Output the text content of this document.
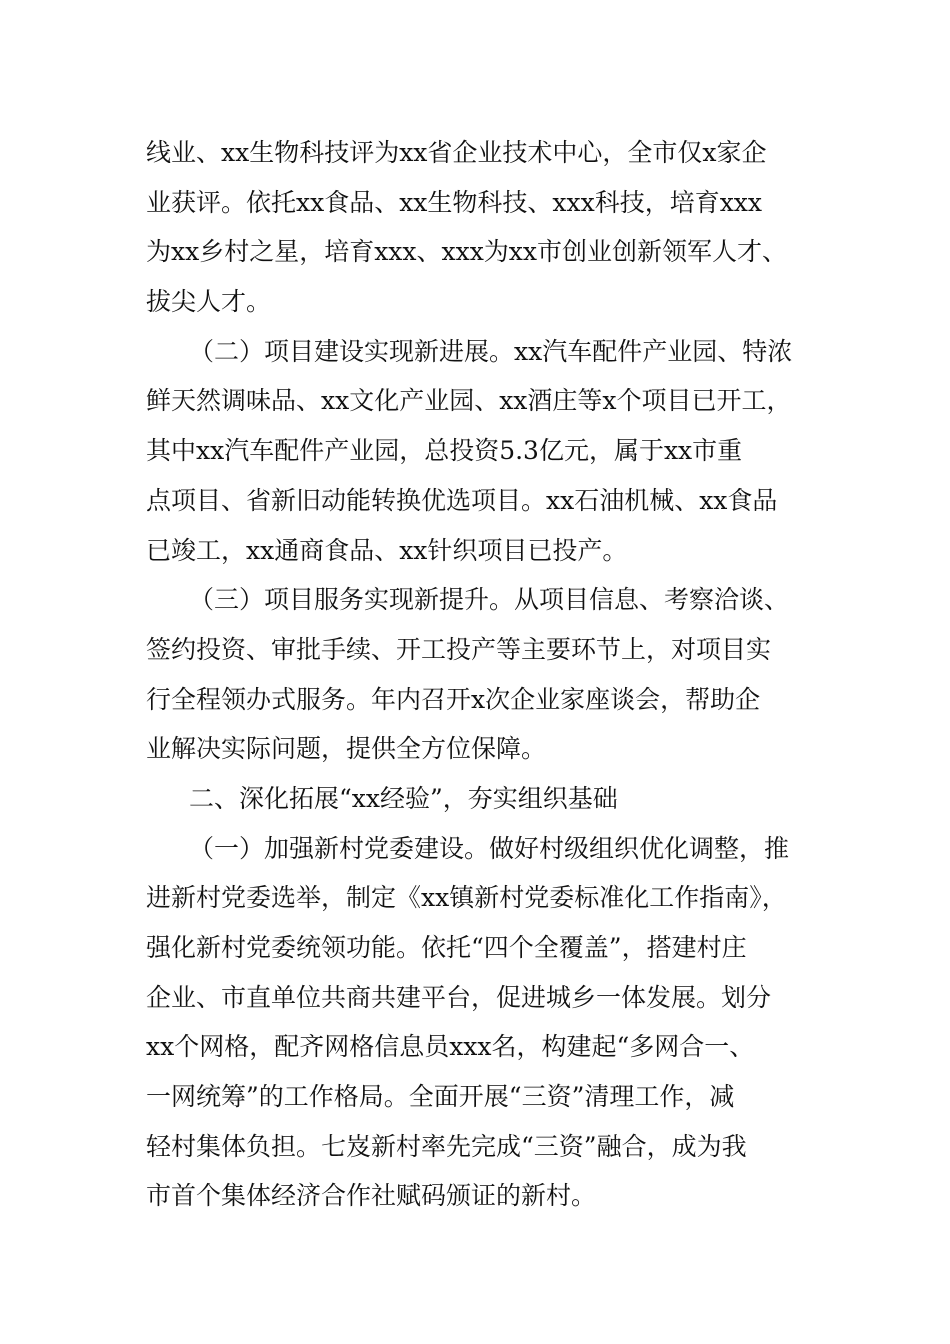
线业、xx生物科技评为xx省企业技术中心，全市仅x家企
业获评。依托xx食品、xx生物科技、xxx科技，培育xxx
为xx乡村之星，培育xxx、xxx为xx市创业创新领军人才、
拔尖人才。
（二）项目建设实现新进展。xx汽车配件产业园、特浓
鲜天然调味品、xx文化产业园、xx酒庄等x个项目已开工，
其中xx汽车配件产业园，总投资5.3亿元，属于xx市重
点项目、省新旧动能转换优选项目。xx石油机械、xx食品
已竣工，xx通商食品、xx针织项目已投产。
（三）项目服务实现新提升。从项目信息、考察洽谈、
签约投资、审批手续、开工投产等主要环节上，对项目实
行全程领办式服务。年内召开x次企业家座谈会，帮助企
业解决实际问题，提供全方位保障。
二、深化拓展“xx经验”，夯实组织基础
（一）加强新村党委建设。做好村级组织优化调整，推
进新村党委选举，制定《xx镇新村党委标准化工作指南》，
强化新村党委统领功能。依托“四个全覆盖”，搭建村庄
企业、市直单位共商共建平台，促进城乡一体发展。划分
xx个网格，配齐网格信息员xxx名，构建起“多网合一、
一网统筹”的工作格局。全面开展“三资”清理工作，减
轻村集体负担。七岌新村率先完成“三资”融合，成为我
市首个集体经济合作社赋码颁证的新村。
